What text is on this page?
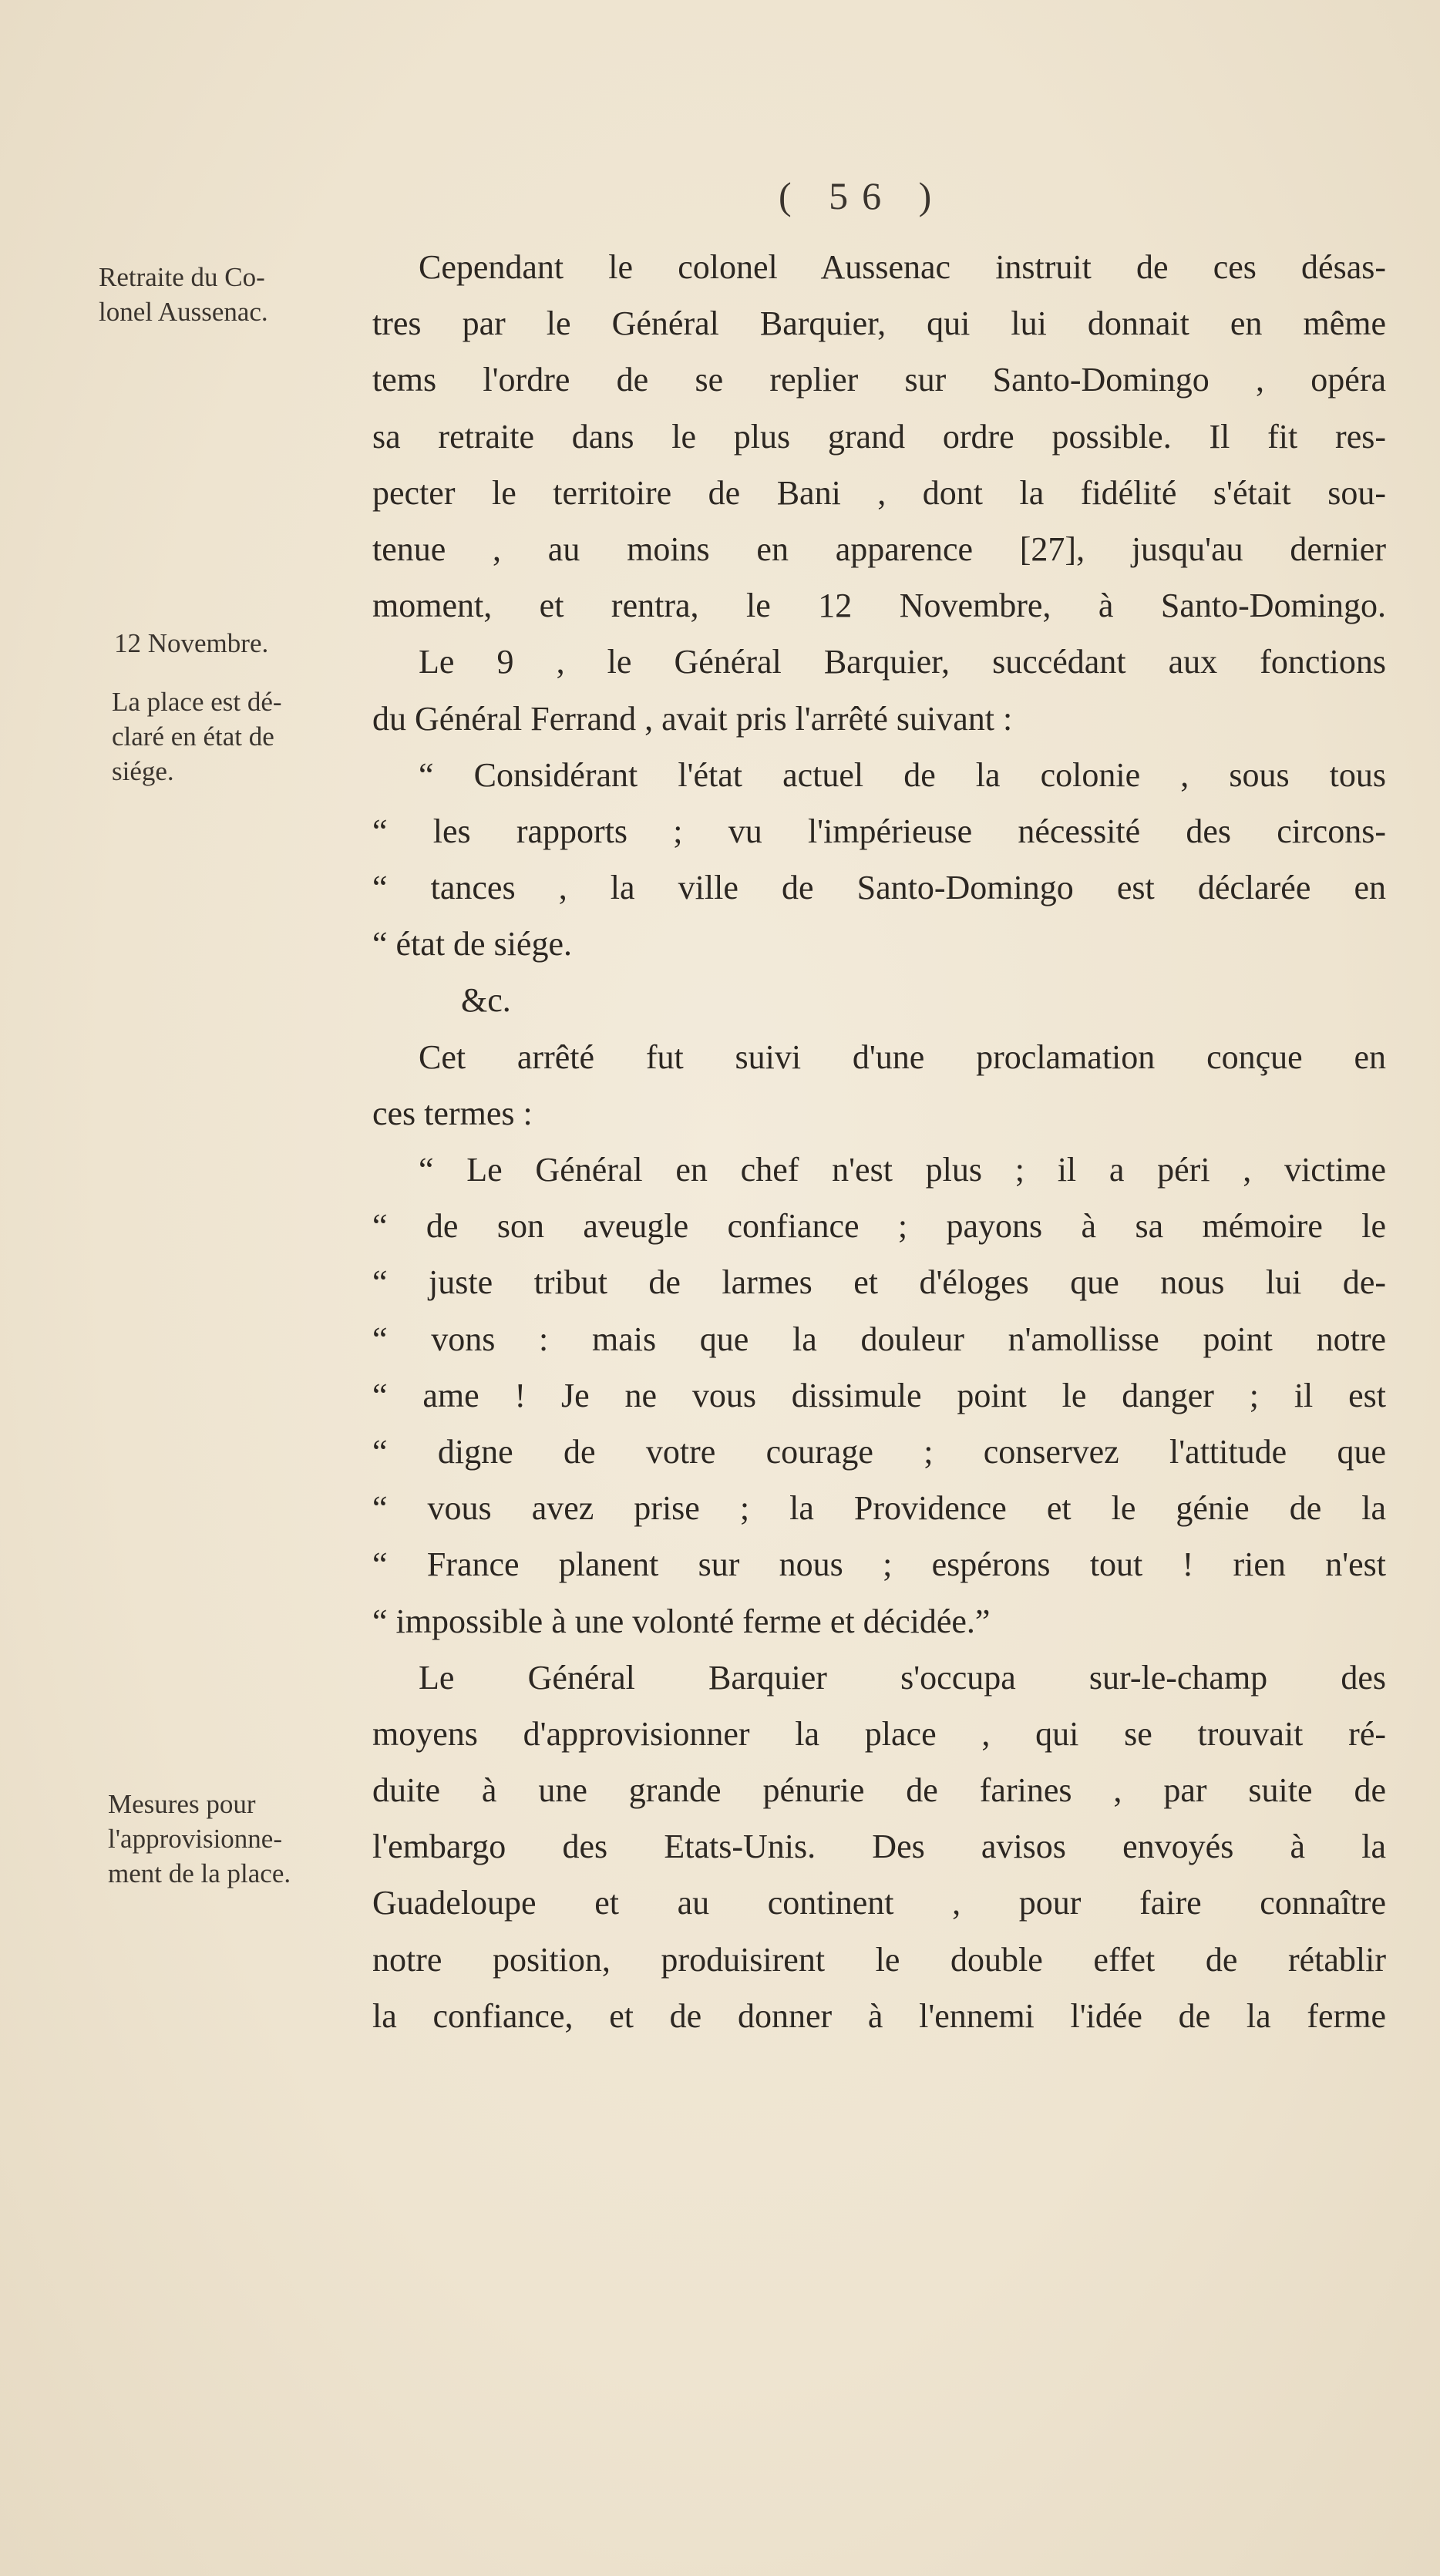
( 56 )
Retraite du Co-
lonel Aussenac.
12 Novembre.
La place est dé-
claré en état de
siége.
Mesures pour
l'approvisionne-
ment de la place.
Cependant le colonel Aussenac instruit de ces désas-
tres par le Général Barquier, qui lui donnait en même
tems l'ordre de se replier sur Santo-Domingo , opéra
sa retraite dans le plus grand ordre possible. Il fit res-
pecter le territoire de Bani , dont la fidélité s'était sou-
tenue , au moins en apparence [27], jusqu'au dernier
moment, et rentra, le 12 Novembre, à Santo-Domingo.
Le 9 , le Général Barquier, succédant aux fonctions
du Général Ferrand , avait pris l'arrêté suivant :
“ Considérant l'état actuel de la colonie , sous tous
“ les rapports ; vu l'impérieuse nécessité des circons-
“ tances , la ville de Santo-Domingo est déclarée en
“ état de siége.
&c.
Cet arrêté fut suivi d'une proclamation conçue en
ces termes :
“ Le Général en chef n'est plus ; il a péri , victime
“ de son aveugle confiance ; payons à sa mémoire le
“ juste tribut de larmes et d'éloges que nous lui de-
“ vons : mais que la douleur n'amollisse point notre
“ ame ! Je ne vous dissimule point le danger ; il est
“ digne de votre courage ; conservez l'attitude que
“ vous avez prise ; la Providence et le génie de la
“ France planent sur nous ; espérons tout ! rien n'est
“ impossible à une volonté ferme et décidée.”
Le Général Barquier s'occupa sur-le-champ des
moyens d'approvisionner la place , qui se trouvait ré-
duite à une grande pénurie de farines , par suite de
l'embargo des Etats-Unis. Des avisos envoyés à la
Guadeloupe et au continent , pour faire connaître
notre position, produisirent le double effet de rétablir
la confiance, et de donner à l'ennemi l'idée de la ferme
